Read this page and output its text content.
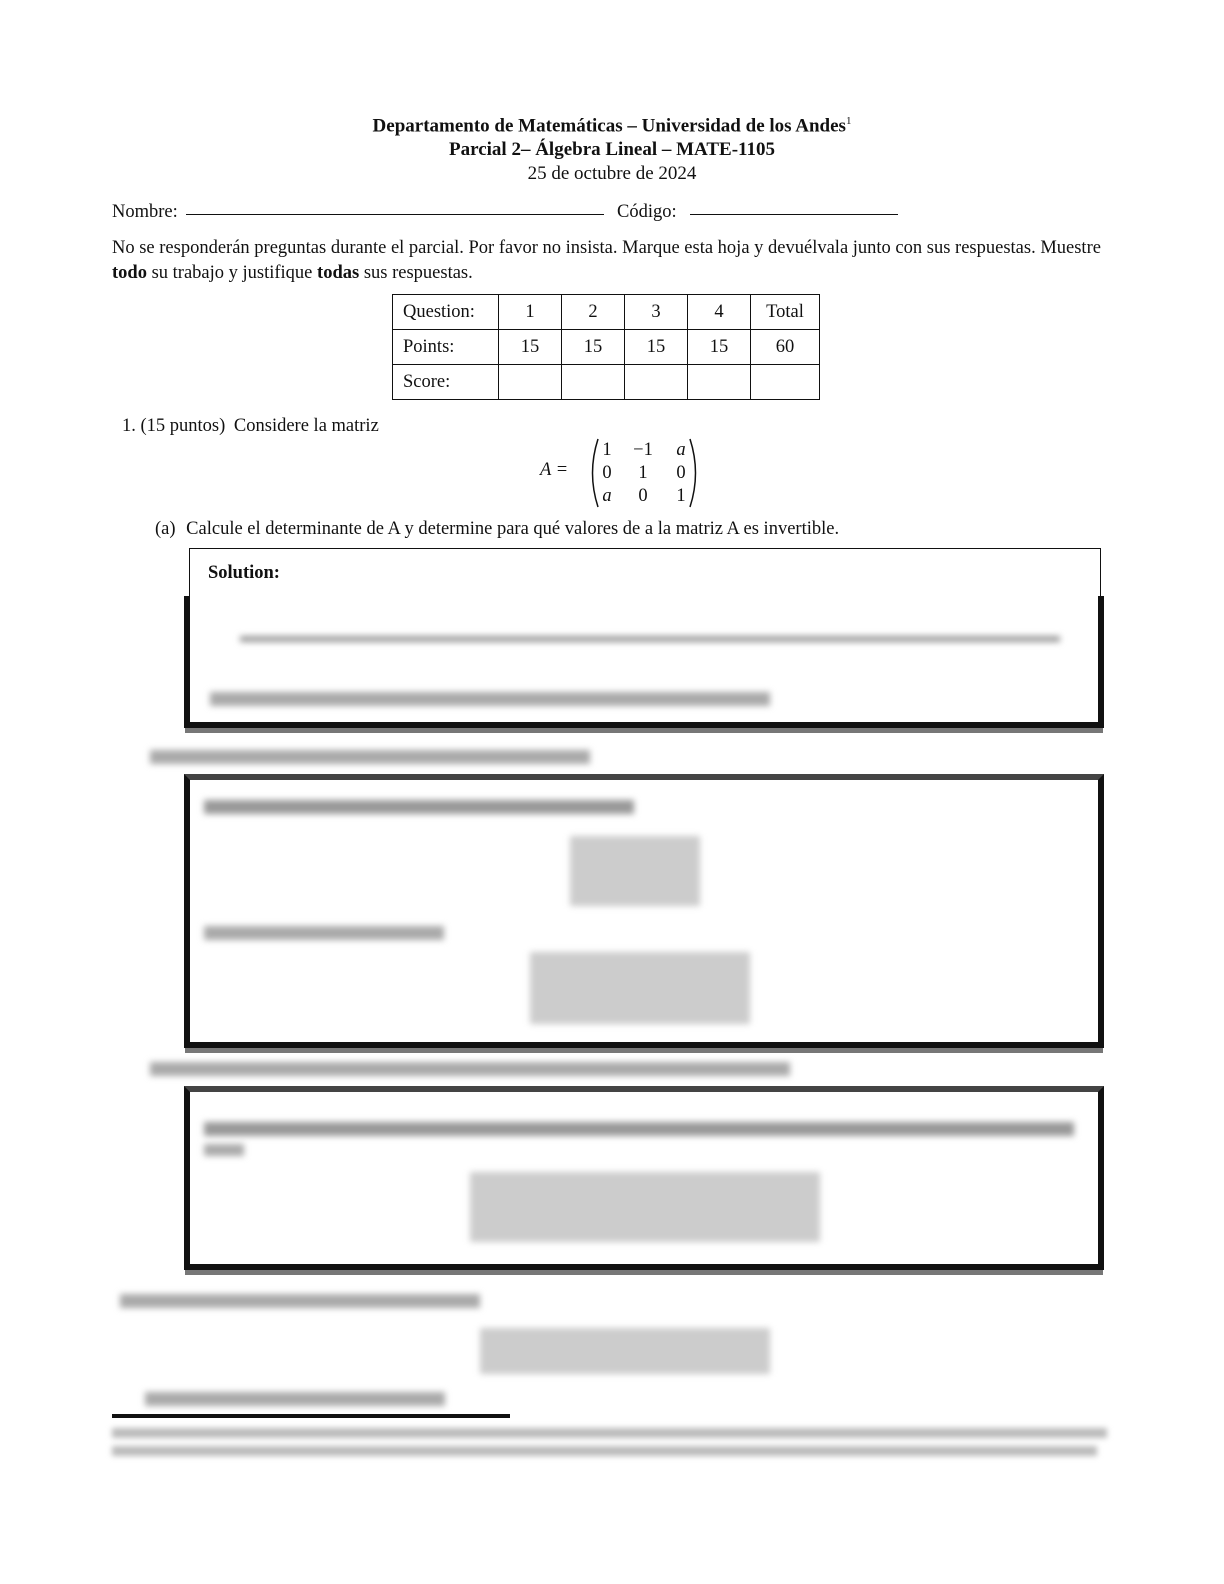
Departamento de Matemáticas – Universidad de los Andes$^1$
Parcial 2– Álgebra Lineal – MATE-1105
25 de octubre de 2024
Nombre:	Código:
No se responderán preguntas durante el parcial. Por favor no insista. Marque esta hoja y devuélvala junto con sus respuestas. Muestre todo su trabajo y justifique todas sus respuestas.
Question:	1	2	3	4	Total
Points:	15	15	15	15	60
Score:					
1. (15 puntos) Considere la matriz
A =
1	−1	a
0	1	0
a	0	1
(a) Calcule el determinante de A y determine para qué valores de a la matriz A es invertible.
Solution:
